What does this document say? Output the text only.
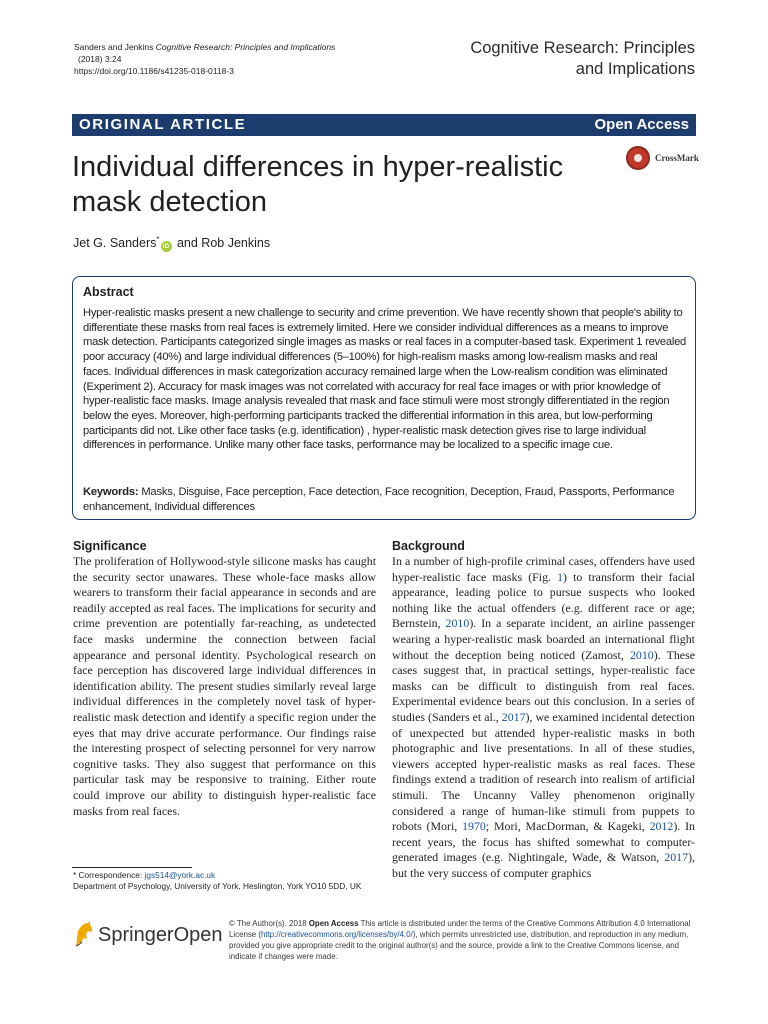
Sanders and Jenkins Cognitive Research: Principles and Implications
(2018) 3:24
https://doi.org/10.1186/s41235-018-0118-3
Cognitive Research: Principles
and Implications
ORIGINAL ARTICLE	Open Access
Individual differences in hyper-realistic
mask detection
CrossMark
Jet G. Sanders*iD and Rob Jenkins
Abstract
Hyper-realistic masks present a new challenge to security and crime prevention. We have recently shown that people's ability to differentiate these masks from real faces is extremely limited. Here we consider individual differences as a means to improve mask detection. Participants categorized single images as masks or real faces in a computer-based task. Experiment 1 revealed poor accuracy (40%) and large individual differences (5–100%) for high-realism masks among low-realism masks and real faces. Individual differences in mask categorization accuracy remained large when the Low-realism condition was eliminated (Experiment 2). Accuracy for mask images was not correlated with accuracy for real face images or with prior knowledge of hyper-realistic face masks. Image analysis revealed that mask and face stimuli were most strongly differentiated in the region below the eyes. Moreover, high-performing participants tracked the differential information in this area, but low-performing participants did not. Like other face tasks (e.g. identification) , hyper-realistic mask detection gives rise to large individual differences in performance. Unlike many other face tasks, performance may be localized to a specific image cue.
Keywords: Masks, Disguise, Face perception, Face detection, Face recognition, Deception, Fraud, Passports, Performance enhancement, Individual differences
Significance
The proliferation of Hollywood-style silicone masks has caught the security sector unawares. These whole-face masks allow wearers to transform their facial appearance in seconds and are readily accepted as real faces. The implications for security and crime prevention are potentially far-reaching, as undetected face masks undermine the connection between facial appearance and personal identity. Psychological research on face perception has discovered large individual differences in identification ability. The present studies similarly reveal large individual differences in the completely novel task of hyper-realistic mask detection and identify a specific region under the eyes that may drive accurate performance. Our findings raise the interesting prospect of selecting personnel for very narrow cognitive tasks. They also suggest that performance on this particular task may be responsive to training. Either route could improve our ability to distinguish hyper-realistic face masks from real faces.
Background
In a number of high-profile criminal cases, offenders have used hyper-realistic face masks (Fig. 1) to transform their facial appearance, leading police to pursue suspects who looked nothing like the actual offenders (e.g. different race or age; Bernstein, 2010). In a separate incident, an airline passenger wearing a hyper-realistic mask boarded an international flight without the deception being noticed (Zamost, 2010). These cases suggest that, in practical settings, hyper-realistic face masks can be difficult to distinguish from real faces. Experimental evidence bears out this conclusion. In a series of studies (Sanders et al., 2017), we examined incidental detection of unexpected but attended hyper-realistic masks in both photographic and live presentations. In all of these studies, viewers accepted hyper-realistic masks as real faces. These findings extend a tradition of research into realism of artificial stimuli. The Uncanny Valley phenomenon originally considered a range of human-like stimuli from puppets to robots (Mori, 1970; Mori, MacDorman, & Kageki, 2012). In recent years, the focus has shifted somewhat to computer-generated images (e.g. Nightingale, Wade, & Watson, 2017), but the very success of computer graphics
* Correspondence: jgs514@york.ac.uk
Department of Psychology, University of York, Heslington, York YO10 5DD, UK
SpringerOpen
© The Author(s). 2018 Open Access This article is distributed under the terms of the Creative Commons Attribution 4.0 International License (http://creativecommons.org/licenses/by/4.0/), which permits unrestricted use, distribution, and reproduction in any medium, provided you give appropriate credit to the original author(s) and the source, provide a link to the Creative Commons license, and indicate if changes were made.
